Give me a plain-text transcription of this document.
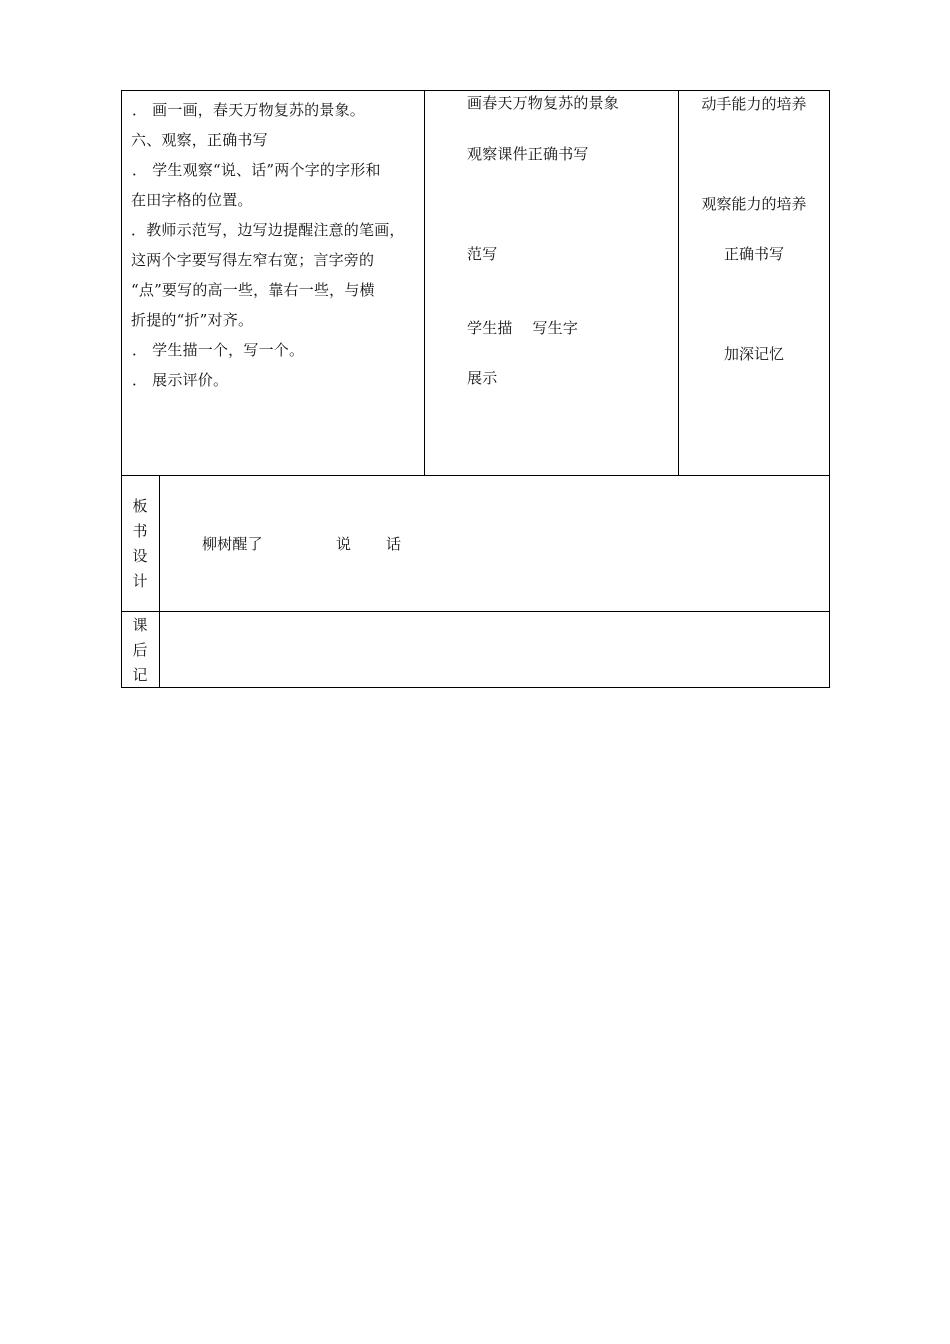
． 画一画，春天万物复苏的景象。
六、观察，正确书写
． 学生观察“说、话”两个字的字形和
在田字格的位置。
．教师示范写，边写边提醒注意的笔画，
这两个字要写得左窄右宽；言字旁的
“点”要写的高一些，靠右一些，与横
折提的“折”对齐。
． 学生描一个，写一个。
． 展示评价。
画春天万物复苏的景象
观察课件正确书写
范写
学生描    写生字
展示
动手能力的培养
观察能力的培养
正确书写
加深记忆
板
书
设
计
柳树醒了	说 话
课
后
记
